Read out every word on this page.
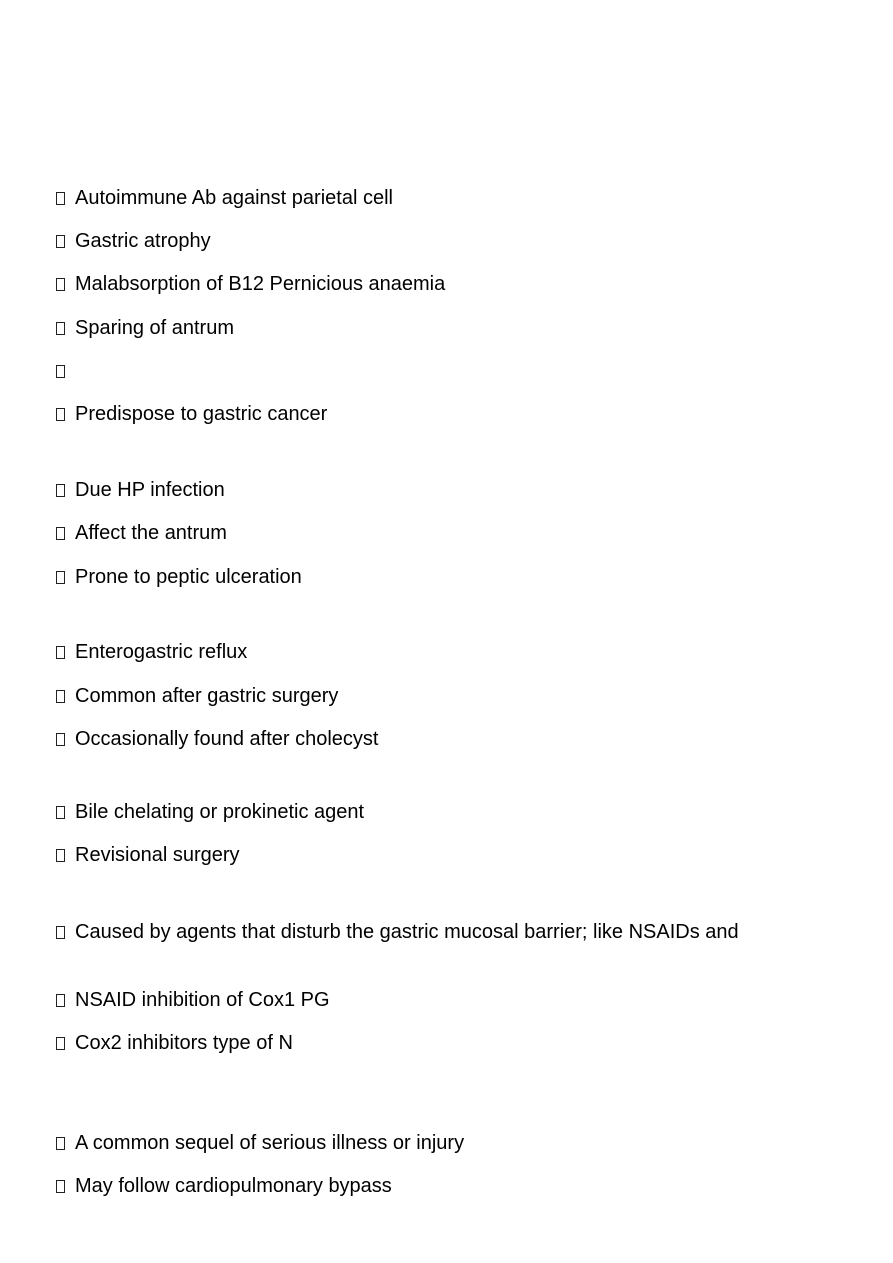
Autoimmune Ab against parietal cell
Gastric atrophy
Malabsorption of B12 Pernicious anaemia
Sparing of antrum
Predispose to gastric cancer
Due HP infection
Affect the antrum
Prone to peptic ulceration
Enterogastric reflux
Common after gastric surgery
Occasionally found after cholecyst
Bile chelating or prokinetic agent
Revisional surgery
Caused by agents that disturb the gastric mucosal barrier; like NSAIDs and
NSAID inhibition of Cox1 PG
Cox2 inhibitors type of N
A common sequel of serious illness or injury
May follow cardiopulmonary bypass
